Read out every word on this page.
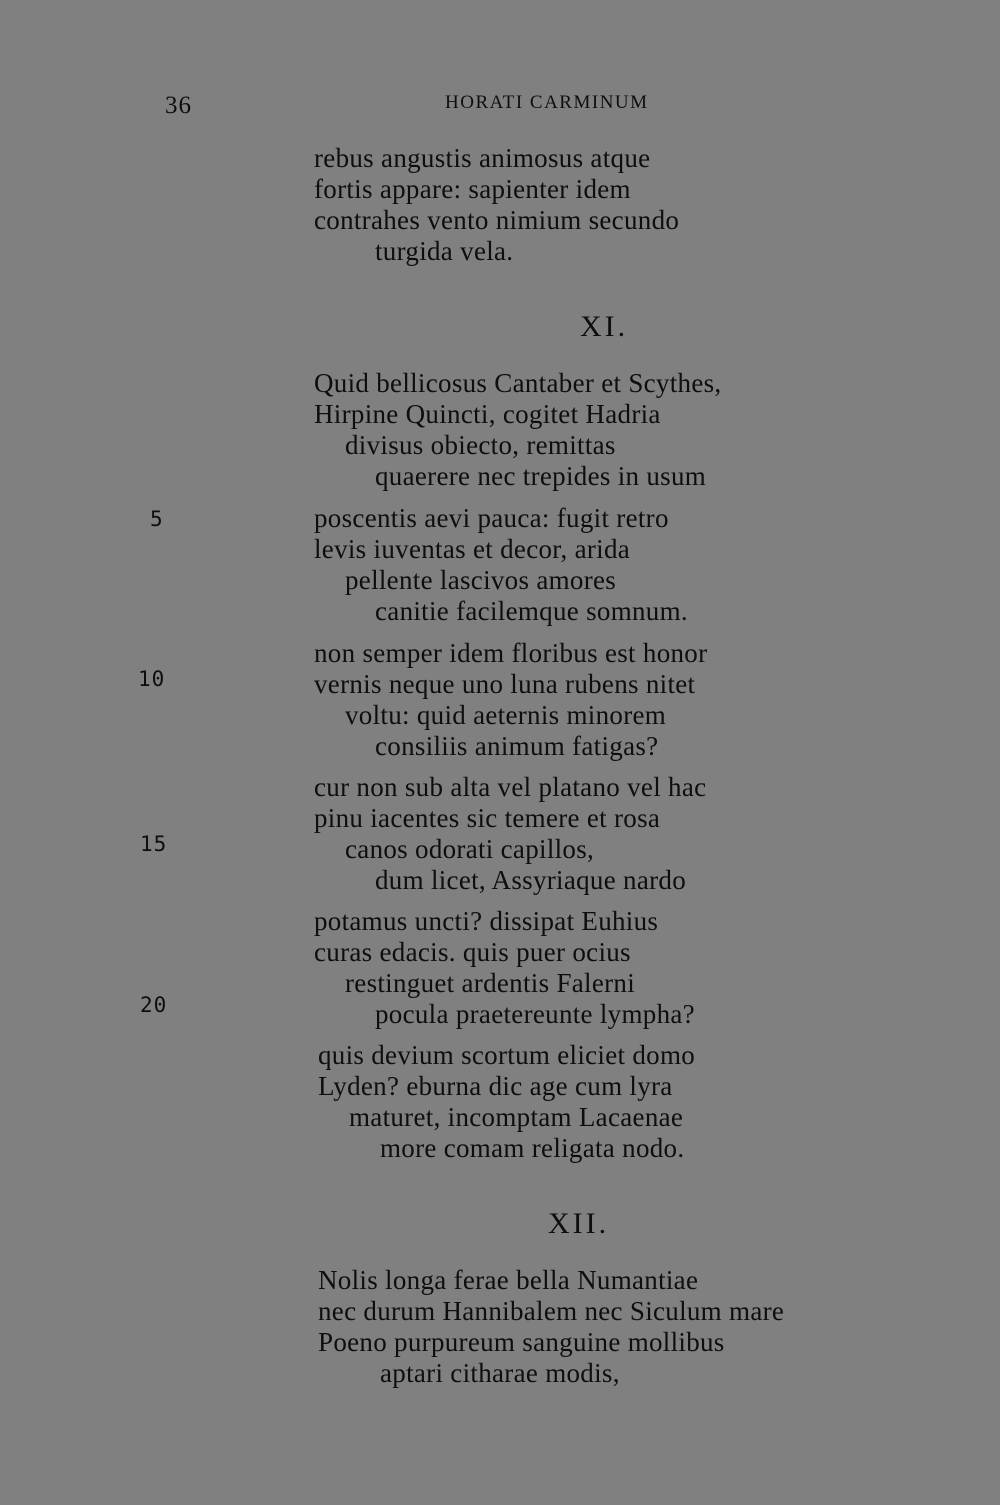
36	HORATI CARMINUM
rebus angustis animosus atque
fortis appare: sapienter idem
contrahes vento nimium secundo
turgida vela.
XI.
Quid bellicosus Cantaber et Scythes,
Hirpine Quincti, cogitet Hadria
divisus obiecto, remittas
quaerere nec trepides in usum
poscentis aevi pauca: fugit retro
levis iuventas et decor, arida
pellente lascivos amores
canitie facilemque somnum.
non semper idem floribus est honor
vernis neque uno luna rubens nitet
voltu: quid aeternis minorem
consiliis animum fatigas?
cur non sub alta vel platano vel hac
pinu iacentes sic temere et rosa
canos odorati capillos,
dum licet, Assyriaque nardo
potamus uncti? dissipat Euhius
curas edacis. quis puer ocius
restinguet ardentis Falerni
pocula praetereunte lympha?
quis devium scortum eliciet domo
Lyden? eburna dic age cum lyra
maturet, incomptam Lacaenae
more comam religata nodo.
5
10
15
20
XII.
Nolis longa ferae bella Numantiae
nec durum Hannibalem nec Siculum mare
Poeno purpureum sanguine mollibus
aptari citharae modis,
